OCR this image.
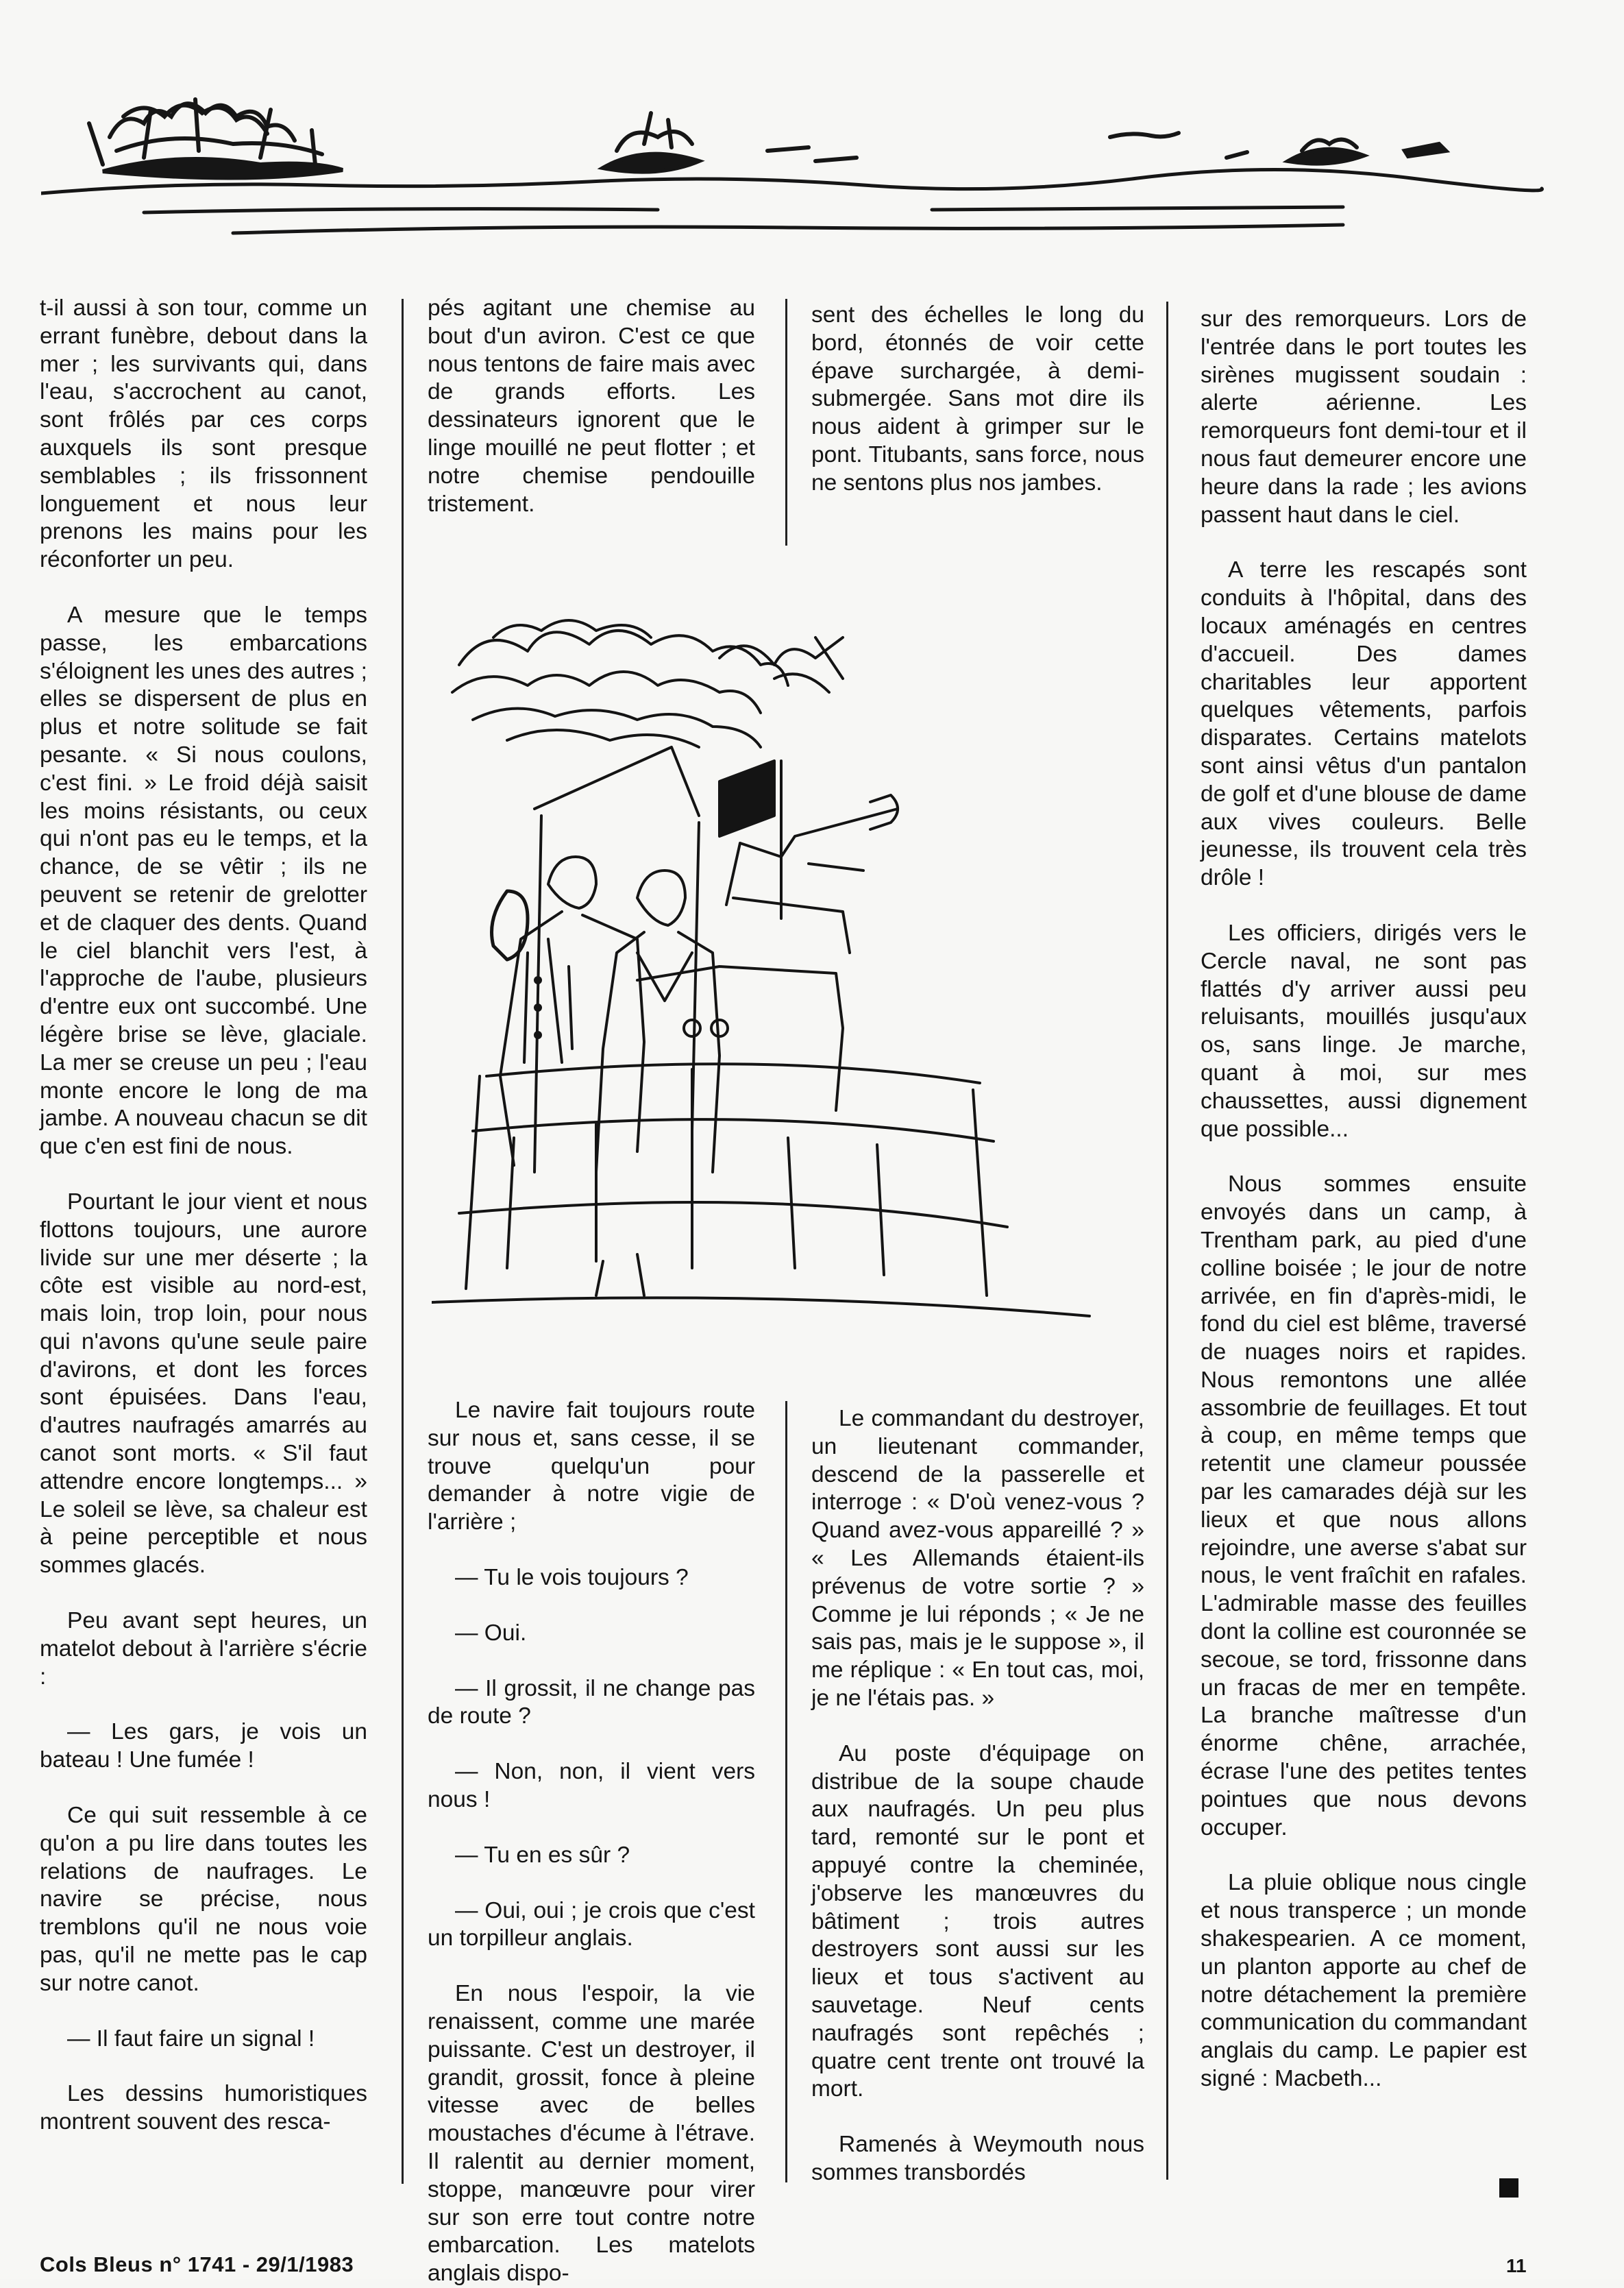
t-il aussi à son tour, comme un errant funèbre, debout dans la mer ; les survivants qui, dans l'eau, s'accrochent au canot, sont frôlés par ces corps auxquels ils sont presque semblables ; ils frissonnent longuement et nous leur prenons les mains pour les réconforter un peu.

A mesure que le temps passe, les embarcations s'éloignent les unes des autres ; elles se dispersent de plus en plus et notre solitude se fait pesante. « Si nous coulons, c'est fini. » Le froid déjà saisit les moins résistants, ou ceux qui n'ont pas eu le temps, et la chance, de se vêtir ; ils ne peuvent se retenir de grelotter et de claquer des dents. Quand le ciel blanchit vers l'est, à l'approche de l'aube, plusieurs d'entre eux ont succombé. Une légère brise se lève, glaciale. La mer se creuse un peu ; l'eau monte encore le long de ma jambe. A nouveau chacun se dit que c'en est fini de nous.

Pourtant le jour vient et nous flottons toujours, une aurore livide sur une mer déserte ; la côte est visible au nord-est, mais loin, trop loin, pour nous qui n'avons qu'une seule paire d'avirons, et dont les forces sont épuisées. Dans l'eau, d'autres naufragés amarrés au canot sont morts. « S'il faut attendre encore longtemps... » Le soleil se lève, sa chaleur est à peine perceptible et nous sommes glacés.

Peu avant sept heures, un matelot debout à l'arrière s'écrie :

— Les gars, je vois un bateau ! Une fumée !

Ce qui suit ressemble à ce qu'on a pu lire dans toutes les relations de naufrages. Le navire se précise, nous tremblons qu'il ne nous voie pas, qu'il ne mette pas le cap sur notre canot.

— Il faut faire un signal !

Les dessins humoristiques montrent souvent des resca-

pés agitant une chemise au bout d'un aviron. C'est ce que nous tentons de faire mais avec de grands efforts. Les dessinateurs ignorent que le linge mouillé ne peut flotter ; et notre chemise pendouille tristement.

sent des échelles le long du bord, étonnés de voir cette épave surchargée, à demi-submergée. Sans mot dire ils nous aident à grimper sur le pont. Titubants, sans force, nous ne sentons plus nos jambes.

sur des remorqueurs. Lors de l'entrée dans le port toutes les sirènes mugissent soudain : alerte aérienne. Les remorqueurs font demi-tour et il nous faut demeurer encore une heure dans la rade ; les avions passent haut dans le ciel.

A terre les rescapés sont conduits à l'hôpital, dans des locaux aménagés en centres d'accueil. Des dames charitables leur apportent quelques vêtements, parfois disparates. Certains matelots sont ainsi vêtus d'un pantalon de golf et d'une blouse de dame aux vives couleurs. Belle jeunesse, ils trouvent cela très drôle !

Les officiers, dirigés vers le Cercle naval, ne sont pas flattés d'y arriver aussi peu reluisants, mouillés jusqu'aux os, sans linge. Je marche, quant à moi, sur mes chaussettes, aussi dignement que possible...

Nous sommes ensuite envoyés dans un camp, à Trentham park, au pied d'une colline boisée ; le jour de notre arrivée, en fin d'après-midi, le fond du ciel est blême, traversé de nuages noirs et rapides. Nous remontons une allée assombrie de feuillages. Et tout à coup, en même temps que retentit une clameur poussée par les camarades déjà sur les lieux et que nous allons rejoindre, une averse s'abat sur nous, le vent fraîchit en rafales. L'admirable masse des feuilles dont la colline est couronnée se secoue, se tord, frissonne dans un fracas de mer en tempête. La branche maîtresse d'un énorme chêne, arrachée, écrase l'une des petites tentes pointues que nous devons occuper.

La pluie oblique nous cingle et nous transperce ; un monde shakespearien. A ce moment, un planton apporte au chef de notre détachement la première communication du commandant anglais du camp. Le papier est signé : Macbeth...

Le navire fait toujours route sur nous et, sans cesse, il se trouve quelqu'un pour demander à notre vigie de l'arrière ;

— Tu le vois toujours ?

— Oui.

— Il grossit, il ne change pas de route ?

— Non, non, il vient vers nous !

— Tu en es sûr ?

— Oui, oui ; je crois que c'est un torpilleur anglais.

En nous l'espoir, la vie renaissent, comme une marée puissante. C'est un destroyer, il grandit, grossit, fonce à pleine vitesse avec de belles moustaches d'écume à l'étrave. Il ralentit au dernier moment, stoppe, manœuvre pour virer sur son erre tout contre notre embarcation. Les matelots anglais dispo-

Le commandant du destroyer, un lieutenant commander, descend de la passerelle et interroge : « D'où venez-vous ? Quand avez-vous appareillé ? » « Les Allemands étaient-ils prévenus de votre sortie ? » Comme je lui réponds ; « Je ne sais pas, mais je le suppose », il me réplique : « En tout cas, moi, je ne l'étais pas. »

Au poste d'équipage on distribue de la soupe chaude aux naufragés. Un peu plus tard, remonté sur le pont et appuyé contre la cheminée, j'observe les manœuvres du bâtiment ; trois autres destroyers sont aussi sur les lieux et tous s'activent au sauvetage. Neuf cents naufragés sont repêchés ; quatre cent trente ont trouvé la mort.

Ramenés à Weymouth nous sommes transbordés

Cols Bleus n° 1741 - 29/1/1983	11
